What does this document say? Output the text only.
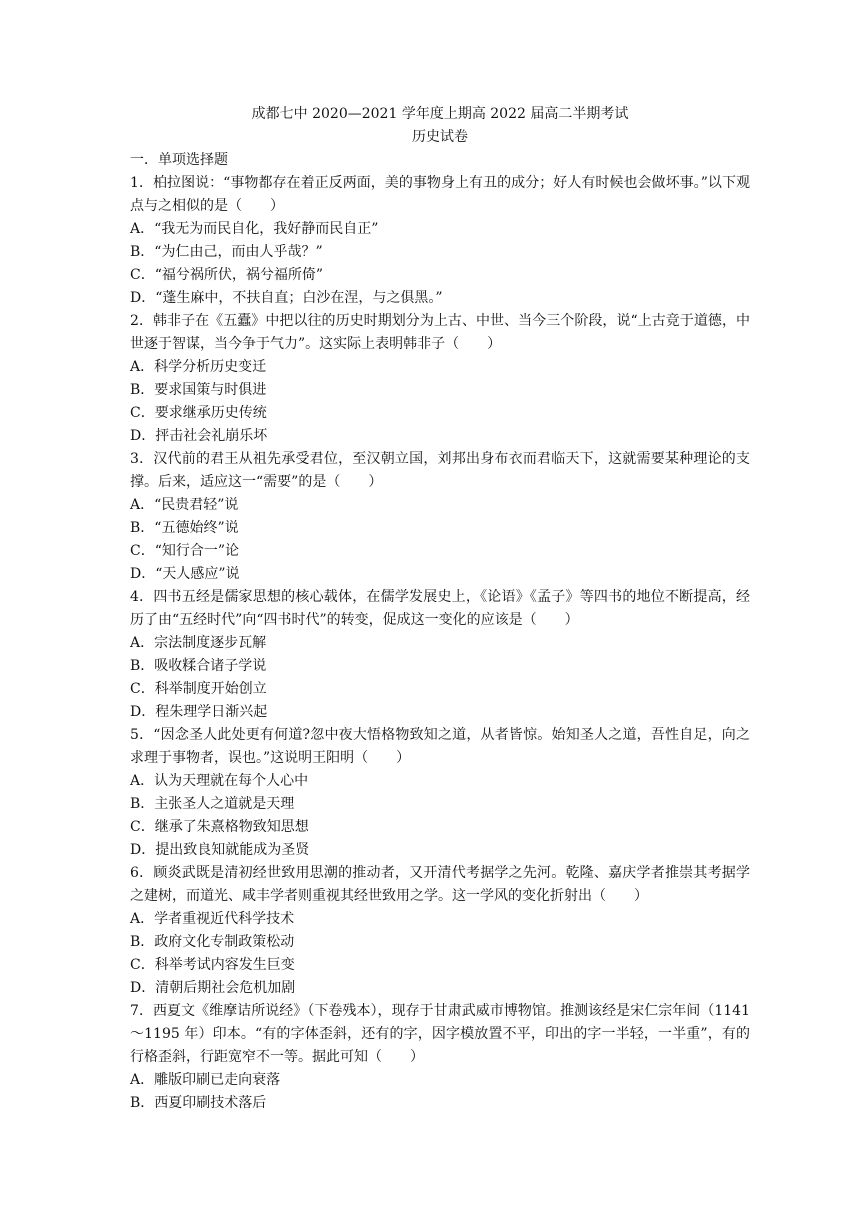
成都七中 2020—2021 学年度上期高 2022 届高二半期考试
历史试卷

一．单项选择题

1．柏拉图说：“事物都存在着正反两面，美的事物身上有丑的成分；好人有时候也会做坏事。”以下观点与之相似的是（　　）

A．“我无为而民自化，我好静而民自正”

B．“为仁由己，而由人乎哉？”

C．“福兮祸所伏，祸兮福所倚”

D．“蓬生麻中，不扶自直；白沙在涅，与之俱黑。”

2．韩非子在《五蠹》中把以往的历史时期划分为上古、中世、当今三个阶段，说“上古竞于道德，中世逐于智谋，当今争于气力”。这实际上表明韩非子（　　）

A．科学分析历史变迁

B．要求国策与时俱进

C．要求继承历史传统

D．抨击社会礼崩乐坏

3．汉代前的君王从祖先承受君位，至汉朝立国，刘邦出身布衣而君临天下，这就需要某种理论的支撑。后来，适应这一“需要”的是（　　）

A．“民贵君轻”说

B．“五德始终”说

C．“知行合一”论

D．“天人感应”说

4．四书五经是儒家思想的核心载体，在儒学发展史上，《论语》《孟子》等四书的地位不断提高，经历了由“五经时代”向“四书时代”的转变，促成这一变化的应该是（　　）

A．宗法制度逐步瓦解

B．吸收糅合诸子学说

C．科举制度开始创立

D．程朱理学日渐兴起

5．“因念圣人此处更有何道?忽中夜大悟格物致知之道，从者皆惊。始知圣人之道，吾性自足，向之求理于事物者，误也。”这说明王阳明（　　）

A．认为天理就在每个人心中

B．主张圣人之道就是天理

C．继承了朱熹格物致知思想

D．提出致良知就能成为圣贤

6．顾炎武既是清初经世致用思潮的推动者，又开清代考据学之先河。乾隆、嘉庆学者推崇其考据学之建树，而道光、咸丰学者则重视其经世致用之学。这一学风的变化折射出（　　）

A．学者重视近代科学技术

B．政府文化专制政策松动

C．科举考试内容发生巨变

D．清朝后期社会危机加剧

7．西夏文《维摩诘所说经》（下卷残本），现存于甘肃武威市博物馆。推测该经是宋仁宗年间（1141～1195 年）印本。“有的字体歪斜，还有的字，因字模放置不平，印出的字一半轻，一半重”，有的行格歪斜，行距宽窄不一等。据此可知（　　）

A．雕版印刷已走向衰落

B．西夏印刷技术落后
